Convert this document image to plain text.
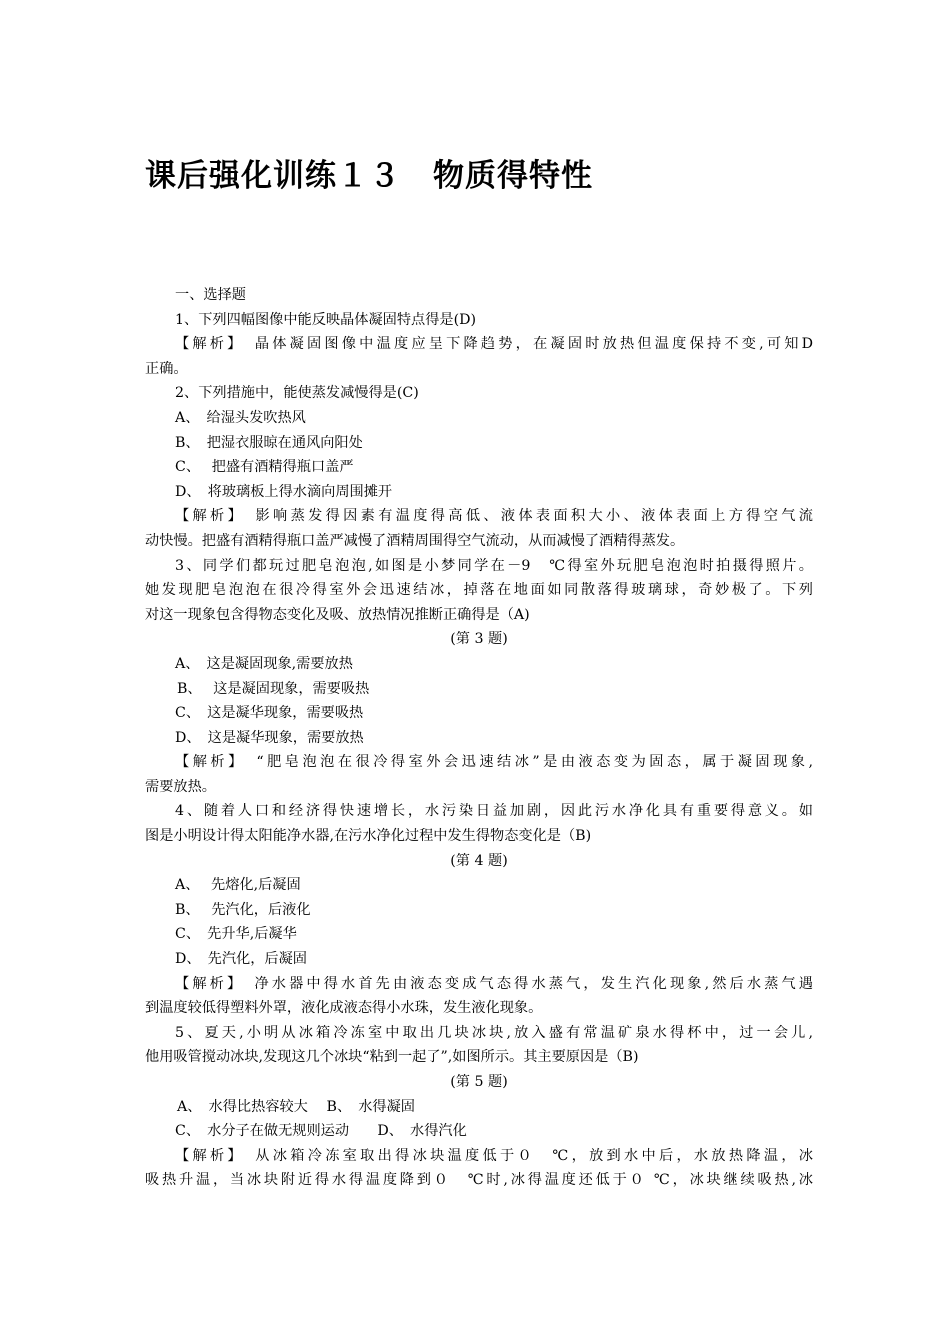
课后强化训练１３　物质得特性
一、选择题
1、下列四幅图像中能反映晶体凝固特点得是(D)
【解析】　晶体凝固图像中温度应呈下降趋势，在凝固时放热但温度保持不变,可知D
正确。
2、下列措施中，能使蒸发减慢得是(C)
A、　给湿头发吹热风
B、　把湿衣服晾在通风向阳处
C、　 把盛有酒精得瓶口盖严
D、　将玻璃板上得水滴向周围摊开
【解析】　影响蒸发得因素有温度得高低、液体表面积大小、液体表面上方得空气流
动快慢。把盛有酒精得瓶口盖严减慢了酒精周围得空气流动，从而减慢了酒精得蒸发。
3、同学们都玩过肥皂泡泡,如图是小梦同学在－9　℃得室外玩肥皂泡泡时拍摄得照片。
她发现肥皂泡泡在很冷得室外会迅速结冰，掉落在地面如同散落得玻璃球，奇妙极了。下列
对这一现象包含得物态变化及吸、放热情况推断正确得是（A)
(第 3 题)
A、　这是凝固现象,需要放热
B、　 这是凝固现象，需要吸热
C、　这是凝华现象，需要吸热
D、　这是凝华现象，需要放热
【解析】　“肥皂泡泡在很冷得室外会迅速结冰”是由液态变为固态，属于凝固现象,
需要放热。
4、随着人口和经济得快速增长，水污染日益加剧，因此污水净化具有重要得意义。如
图是小明设计得太阳能净水器,在污水净化过程中发生得物态变化是（B)
(第 4 题)
A、　 先熔化,后凝固
B、　 先汽化，后液化
C、　先升华,后凝华
D、　先汽化，后凝固
【解析】　净水器中得水首先由液态变成气态得水蒸气，发生汽化现象,然后水蒸气遇
到温度较低得塑料外罩，液化成液态得小水珠，发生液化现象。
5、夏天,小明从冰箱冷冻室中取出几块冰块,放入盛有常温矿泉水得杯中，过一会儿,
他用吸管搅动冰块,发现这几个冰块“粘到一起了”,如图所示。其主要原因是（B)
(第 5 题)
A、　水得比热容较大　 B、　水得凝固
C、　水分子在做无规则运动　　D、　水得汽化
【解析】　从冰箱冷冻室取出得冰块温度低于０　℃，放到水中后，水放热降温，冰
吸热升温，当冰块附近得水得温度降到０　℃时,冰得温度还低于０ ℃，冰块继续吸热,冰
